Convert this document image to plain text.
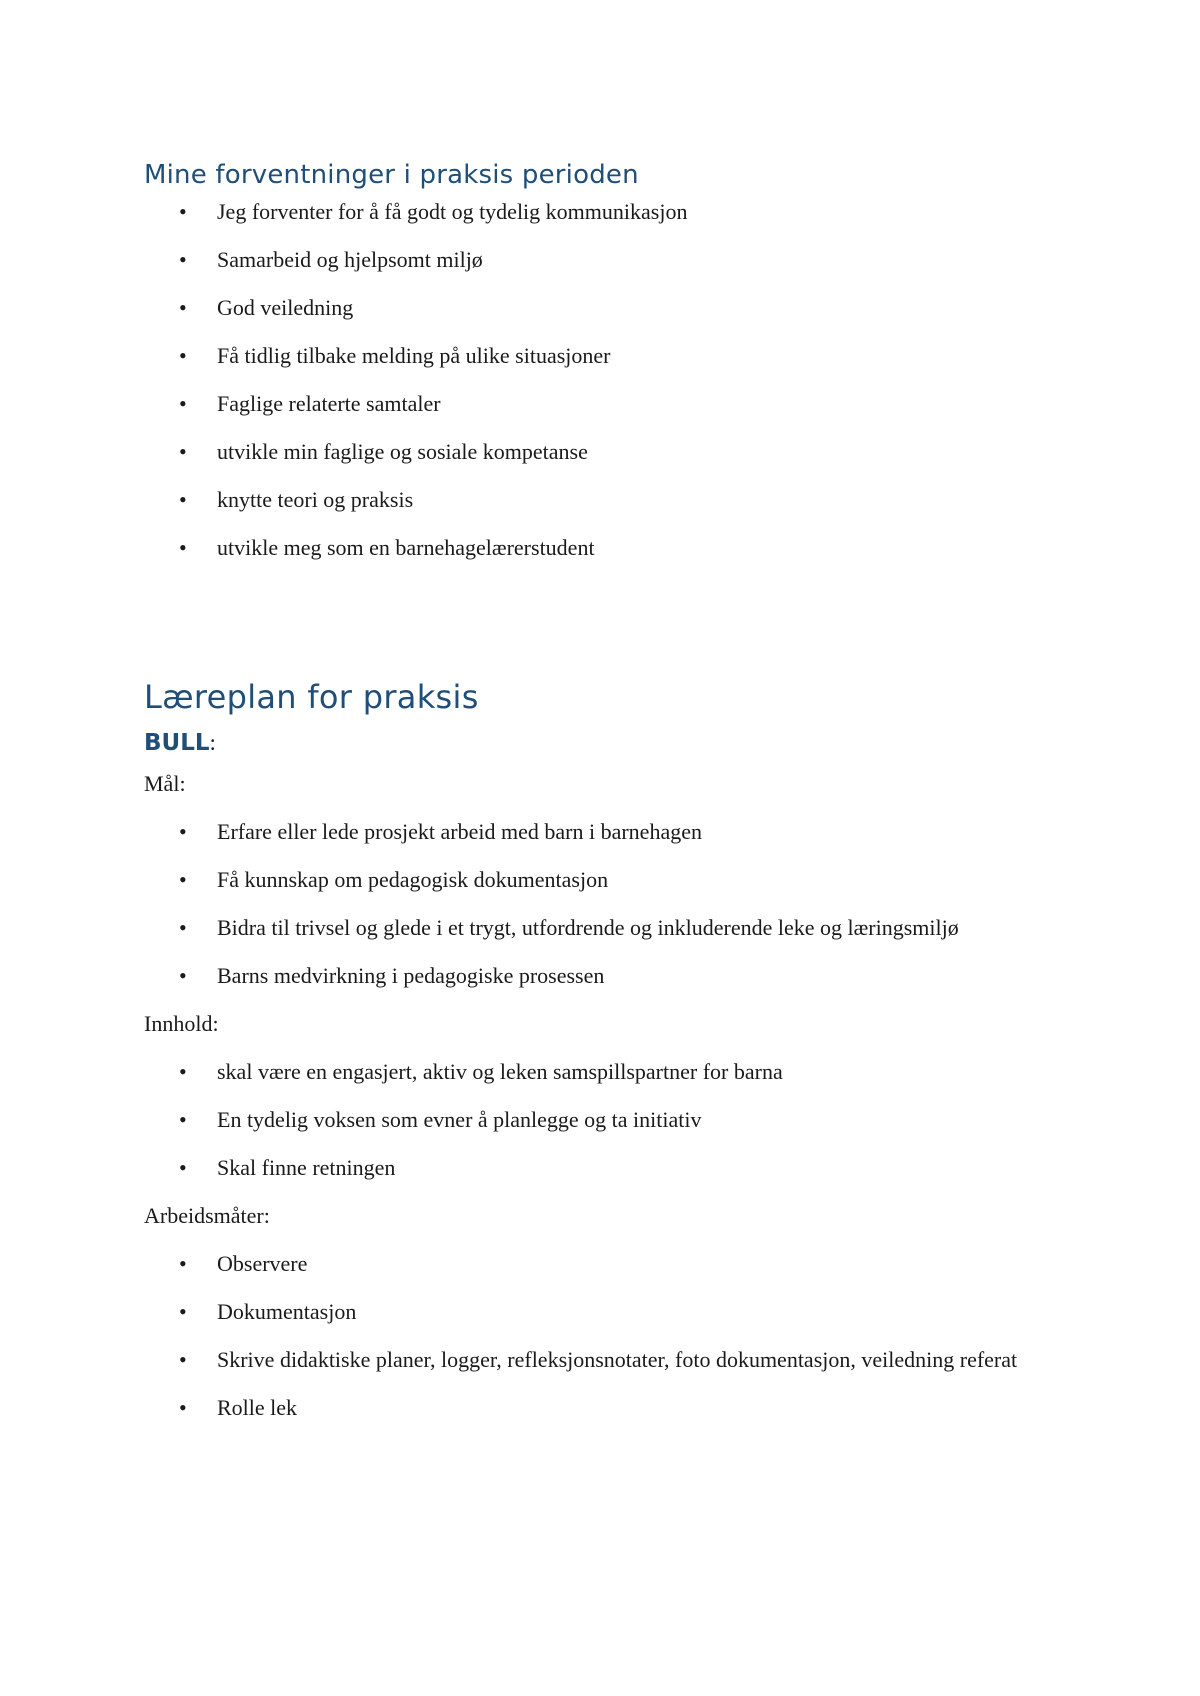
Mine forventninger i praksis perioden
• Jeg forventer for å få godt og tydelig kommunikasjon
• Samarbeid og hjelpsomt miljø
• God veiledning
• Få tidlig tilbake melding på ulike situasjoner
• Faglige relaterte samtaler
• utvikle min faglige og sosiale kompetanse
• knytte teori og praksis
• utvikle meg som en barnehagelærerstudent
Læreplan for praksis
BULL:
Mål:
• Erfare eller lede prosjekt arbeid med barn i barnehagen
• Få kunnskap om pedagogisk dokumentasjon
• Bidra til trivsel og glede i et trygt, utfordrende og inkluderende leke og læringsmiljø
• Barns medvirkning i pedagogiske prosessen
Innhold:
• skal være en engasjert, aktiv og leken samspillspartner for barna
• En tydelig voksen som evner å planlegge og ta initiativ
• Skal finne retningen
Arbeidsmåter:
• Observere
• Dokumentasjon
• Skrive didaktiske planer, logger, refleksjonsnotater, foto dokumentasjon, veiledning referat
• Rolle lek
